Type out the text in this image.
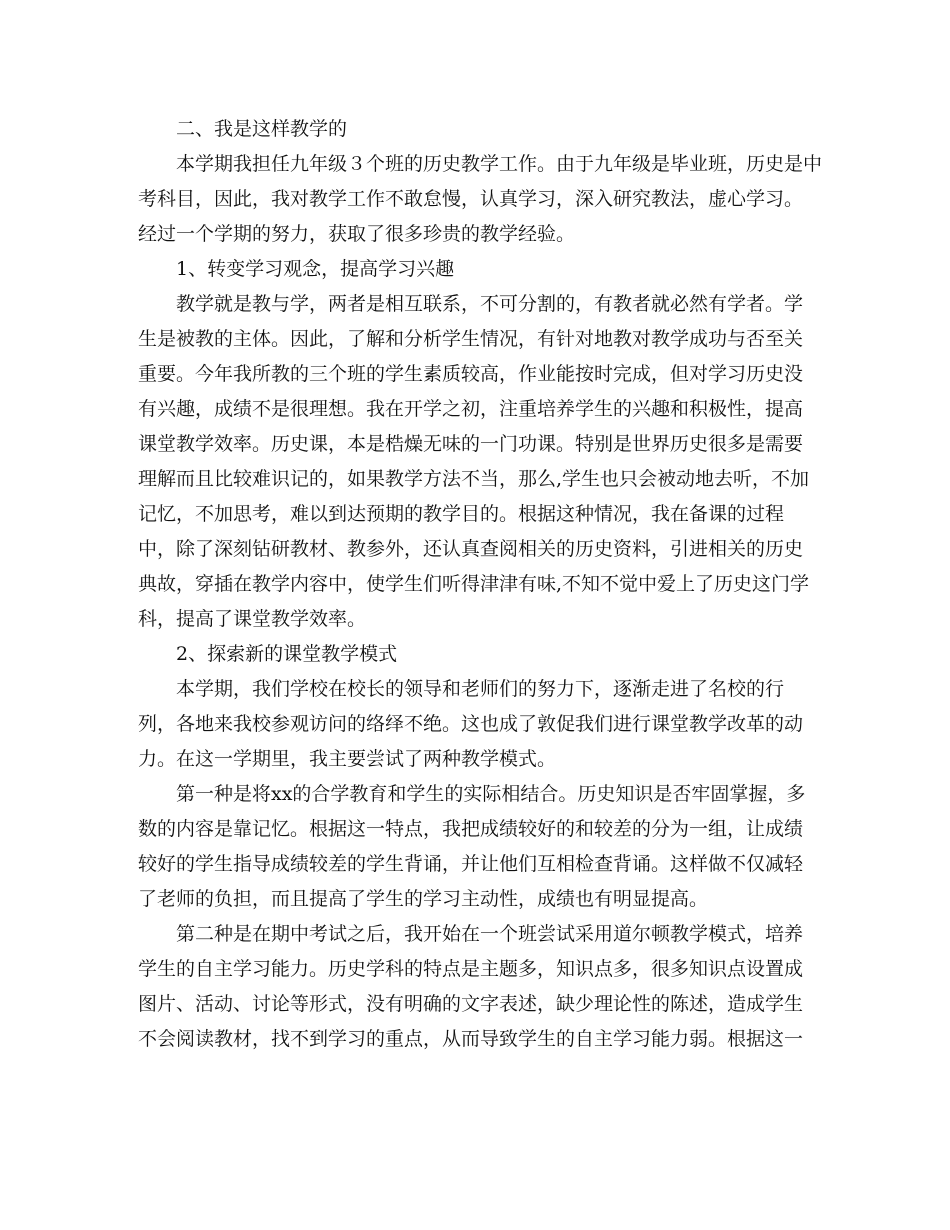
二、我是这样教学的
本学期我担任九年级３个班的历史教学工作。由于九年级是毕业班，历史是中
考科目，因此，我对教学工作不敢怠慢，认真学习，深入研究教法，虚心学习。
经过一个学期的努力，获取了很多珍贵的教学经验。
1、转变学习观念，提高学习兴趣
教学就是教与学，两者是相互联系，不可分割的，有教者就必然有学者。学
生是被教的主体。因此，了解和分析学生情况，有针对地教对教学成功与否至关
重要。今年我所教的三个班的学生素质较高，作业能按时完成，但对学习历史没
有兴趣，成绩不是很理想。我在开学之初，注重培养学生的兴趣和积极性，提高
课堂教学效率。历史课，本是梏燥无味的一门功课。特别是世界历史很多是需要
理解而且比较难识记的，如果教学方法不当，那么,学生也只会被动地去听，不加
记忆，不加思考，难以到达预期的教学目的。根据这种情况，我在备课的过程
中，除了深刻钻研教材、教参外，还认真查阅相关的历史资料，引进相关的历史
典故，穿插在教学内容中，使学生们听得津津有味,不知不觉中爱上了历史这门学
科，提高了课堂教学效率。
2、探索新的课堂教学模式
本学期，我们学校在校长的领导和老师们的努力下，逐渐走进了名校的行
列，各地来我校参观访问的络绎不绝。这也成了敦促我们进行课堂教学改革的动
力。在这一学期里，我主要尝试了两种教学模式。
第一种是将xx的合学教育和学生的实际相结合。历史知识是否牢固掌握，多
数的内容是靠记忆。根据这一特点，我把成绩较好的和较差的分为一组，让成绩
较好的学生指导成绩较差的学生背诵，并让他们互相检查背诵。这样做不仅减轻
了老师的负担，而且提高了学生的学习主动性，成绩也有明显提高。
第二种是在期中考试之后，我开始在一个班尝试采用道尔顿教学模式，培养
学生的自主学习能力。历史学科的特点是主题多，知识点多，很多知识点设置成
图片、活动、讨论等形式，没有明确的文字表述，缺少理论性的陈述，造成学生
不会阅读教材，找不到学习的重点，从而导致学生的自主学习能力弱。根据这一
